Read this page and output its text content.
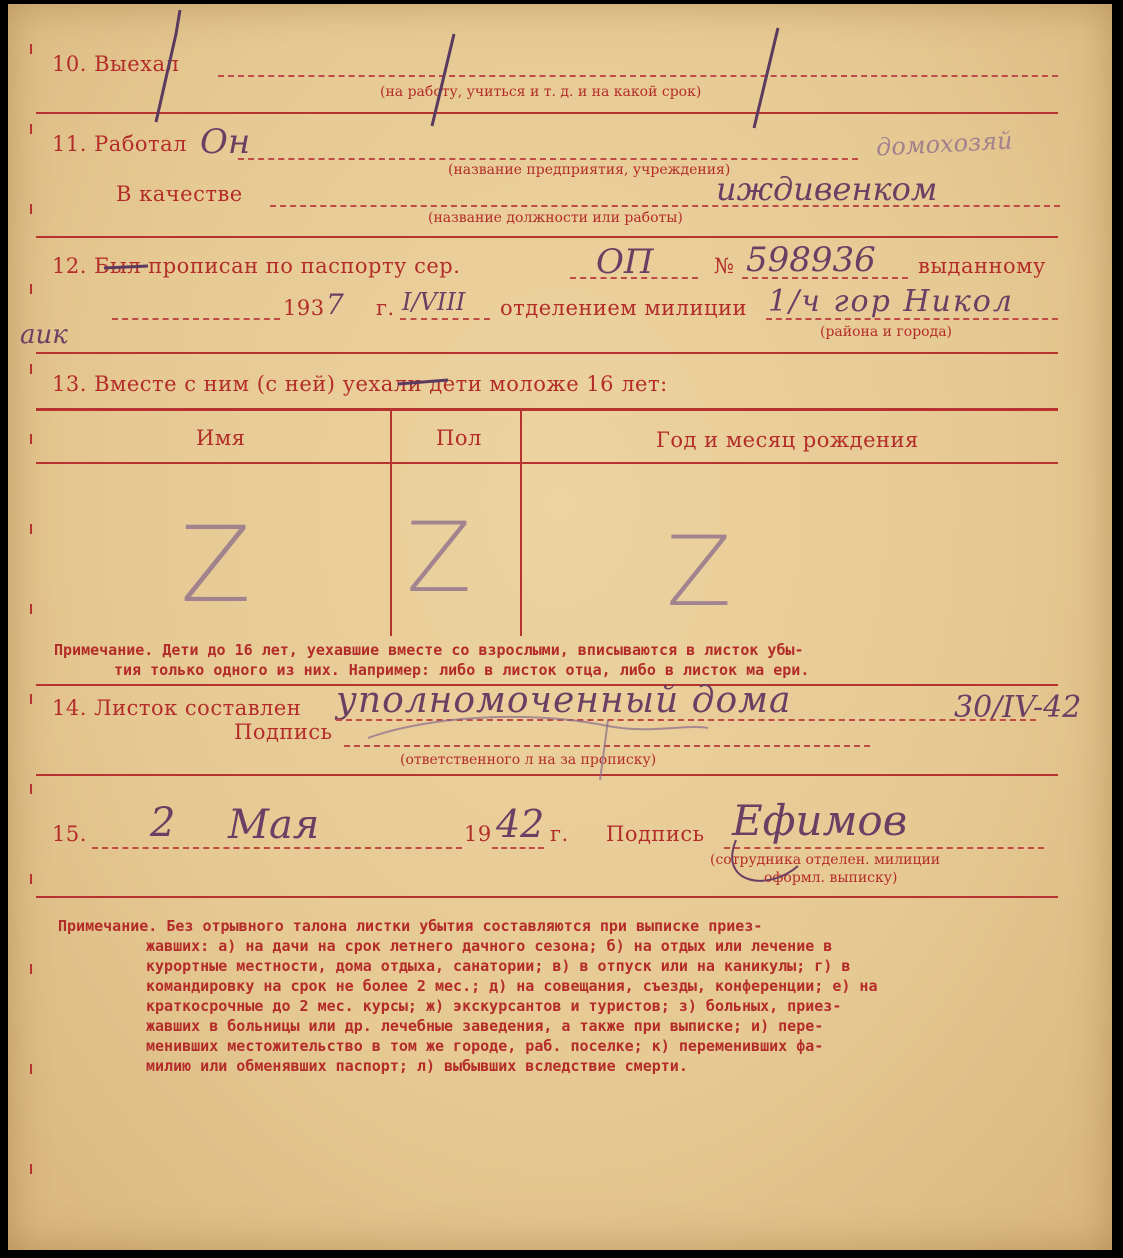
10. Выехал
(на работу, учиться и т. д. и на какой срок)
11. Работал Он	домохозяй
(название предприятия, учреждения)
В качестве	иждивенком
(название должности или работы)
12. Был прописан по паспорту сер.	ОП	№ 598936 выданному
193 7 г. I/VIII отделением милиции 1/ч гор Никол
аик	(района и города)
13. Вместе с ним (с ней) уехали дети моложе 16 лет:
Имя	Пол	Год и месяц рождения
Z Z Z
Примечание. Дети до 16 лет, уехавшие вместе со взрослыми, вписываются в листок убы-
тия только одного из них. Например: либо в листок отца, либо в листок ма ери.
14. Листок составлен уполномоченный дома	30/IV-42
Подпись
(ответственного л на за прописку)
15. 2 Мая	19 42 г. Подпись Ефимов
(сотрудника отделен. милиции
оформл. выписку)
Примечание. Без отрывного талона листки убытия составляются при выписке приез-
жавших: а) на дачи на срок летнего дачного сезона; б) на отдых или лечение в
курортные местности, дома отдыха, санатории; в) в отпуск или на каникулы; г) в
командировку на срок не более 2 мес.; д) на совещания, съезды, конференции; е) на
краткосрочные до 2 мес. курсы; ж) экскурсантов и туристов; з) больных, приез-
жавших в больницы или др. лечебные заведения, а также при выписке; и) пере-
менивших местожительство в том же городе, раб. поселке; к) переменивших фа-
милию или обменявших паспорт; л) выбывших вследствие смерти.
